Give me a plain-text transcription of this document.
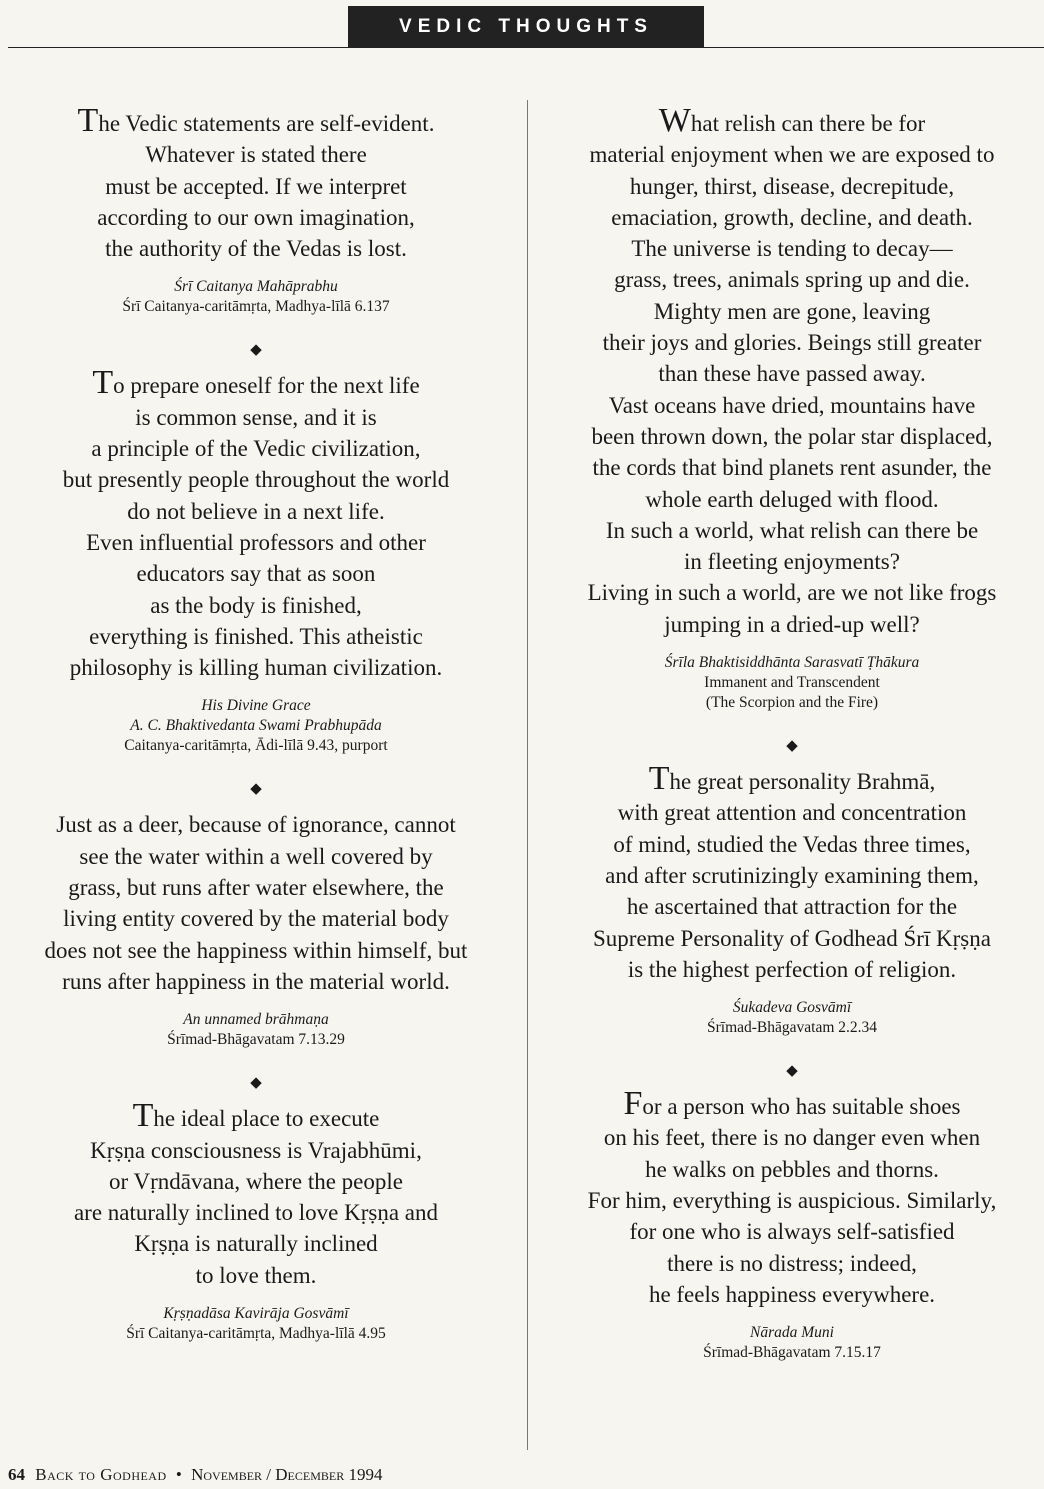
VEDIC THOUGHTS

The Vedic statements are self-evident.
Whatever is stated there
must be accepted. If we interpret
according to our own imagination,
the authority of the Vedas is lost.

Śrī Caitanya Mahāprabhu
Śrī Caitanya-caritāmṛta, Madhya-līlā 6.137
◆

To prepare oneself for the next life
is common sense, and it is
a principle of the Vedic civilization,
but presently people throughout the world
do not believe in a next life.
Even influential professors and other
educators say that as soon
as the body is finished,
everything is finished. This atheistic
philosophy is killing human civilization.

His Divine Grace
A. C. Bhaktivedanta Swami Prabhupāda
Caitanya-caritāmṛta, Ādi-līlā 9.43, purport
◆

Just as a deer, because of ignorance, cannot
see the water within a well covered by
grass, but runs after water elsewhere, the
living entity covered by the material body
does not see the happiness within himself, but
runs after happiness in the material world.

An unnamed brāhmaṇa
Śrīmad-Bhāgavatam 7.13.29
◆

The ideal place to execute
Kṛṣṇa consciousness is Vrajabhūmi,
or Vṛndāvana, where the people
are naturally inclined to love Kṛṣṇa and
Kṛṣṇa is naturally inclined
to love them.

Kṛṣṇadāsa Kavirāja Gosvāmī
Śrī Caitanya-caritāmṛta, Madhya-līlā 4.95

What relish can there be for
material enjoyment when we are exposed to
hunger, thirst, disease, decrepitude,
emaciation, growth, decline, and death.
The universe is tending to decay—
grass, trees, animals spring up and die.
Mighty men are gone, leaving
their joys and glories. Beings still greater
than these have passed away.
Vast oceans have dried, mountains have
been thrown down, the polar star displaced,
the cords that bind planets rent asunder, the
whole earth deluged with flood.
In such a world, what relish can there be
in fleeting enjoyments?
Living in such a world, are we not like frogs
jumping in a dried-up well?

Śrīla Bhaktisiddhānta Sarasvatī Ṭhākura
Immanent and Transcendent
(The Scorpion and the Fire)
◆

The great personality Brahmā,
with great attention and concentration
of mind, studied the Vedas three times,
and after scrutinizingly examining them,
he ascertained that attraction for the
Supreme Personality of Godhead Śrī Kṛṣṇa
is the highest perfection of religion.

Śukadeva Gosvāmī
Śrīmad-Bhāgavatam 2.2.34
◆

For a person who has suitable shoes
on his feet, there is no danger even when
he walks on pebbles and thorns.
For him, everything is auspicious. Similarly,
for one who is always self-satisfied
there is no distress; indeed,
he feels happiness everywhere.

Nārada Muni
Śrīmad-Bhāgavatam 7.15.17
64 Back to Godhead • November / December 1994
